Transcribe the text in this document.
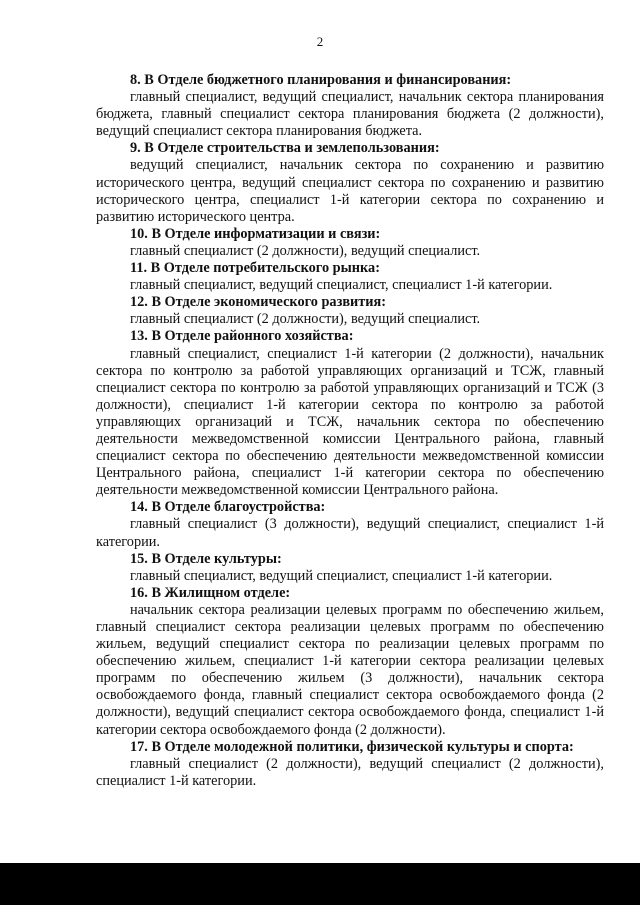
2

8. В Отделе бюджетного планирования и финансирования:

главный специалист, ведущий специалист, начальник сектора планирования бюджета, главный специалист сектора планирования бюджета (2 должности), ведущий специалист сектора планирования бюджета.

9. В Отделе строительства и землепользования:

ведущий специалист, начальник сектора по сохранению и развитию исторического центра, ведущий специалист сектора по сохранению и развитию исторического центра, специалист 1-й категории сектора по сохранению и развитию исторического центра.

10. В Отделе информатизации и связи:

главный специалист (2 должности), ведущий специалист.

11. В Отделе потребительского рынка:

главный специалист, ведущий специалист, специалист 1-й категории.

12. В Отделе экономического развития:

главный специалист (2 должности), ведущий специалист.

13. В Отделе районного хозяйства:

главный специалист, специалист 1-й категории (2 должности), начальник сектора по контролю за работой управляющих организаций и ТСЖ, главный специалист сектора по контролю за работой управляющих организаций и ТСЖ (3 должности), специалист 1-й категории сектора по контролю за работой управляющих организаций и ТСЖ, начальник сектора по обеспечению деятельности межведомственной комиссии Центрального района, главный специалист сектора по обеспечению деятельности межведомственной комиссии Центрального района, специалист 1-й категории сектора по обеспечению деятельности межведомственной комиссии Центрального района.

14. В Отделе благоустройства:

главный специалист (3 должности), ведущий специалист, специалист 1-й категории.

15. В Отделе культуры:

главный специалист, ведущий специалист, специалист 1-й категории.

16. В Жилищном отделе:

начальник сектора реализации целевых программ по обеспечению жильем, главный специалист сектора реализации целевых программ по обеспечению жильем, ведущий специалист сектора по реализации целевых программ по обеспечению жильем, специалист 1-й категории сектора реализации целевых программ по обеспечению жильем (3 должности), начальник сектора освобождаемого фонда, главный специалист сектора освобождаемого фонда (2 должности), ведущий специалист сектора освобождаемого фонда, специалист 1-й категории сектора освобождаемого фонда (2 должности).

17. В Отделе молодежной политики, физической культуры и спорта:

главный специалист (2 должности), ведущий специалист (2 должности), специалист 1-й категории.
